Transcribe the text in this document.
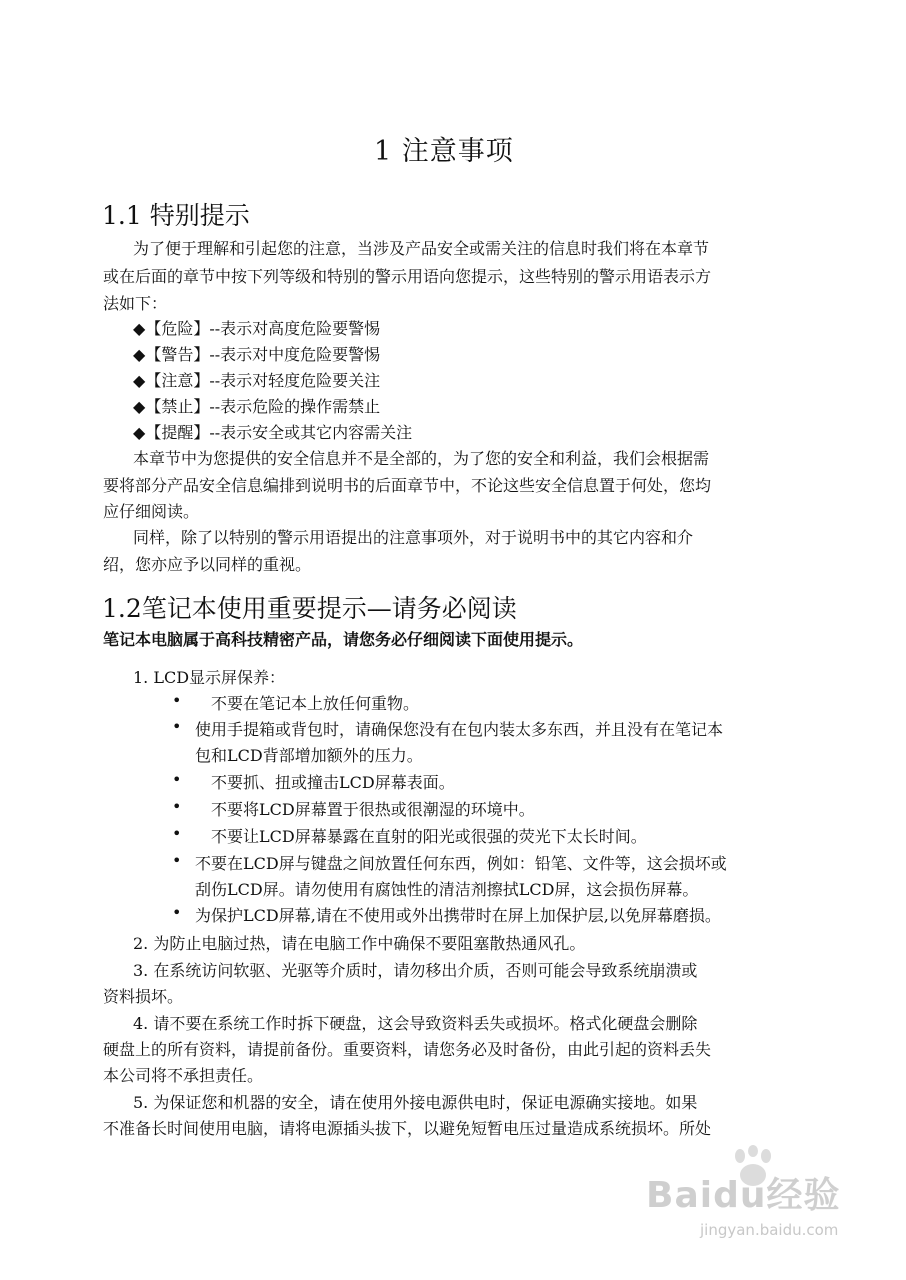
1 注意事项
1.1 特别提示
为了便于理解和引起您的注意，当涉及产品安全或需关注的信息时我们将在本章节
或在后面的章节中按下列等级和特别的警示用语向您提示，这些特别的警示用语表示方
法如下：
◆【危险】--表示对高度危险要警惕
◆【警告】--表示对中度危险要警惕
◆【注意】--表示对轻度危险要关注
◆【禁止】--表示危险的操作需禁止
◆【提醒】--表示安全或其它内容需关注
本章节中为您提供的安全信息并不是全部的，为了您的安全和利益，我们会根据需
要将部分产品安全信息编排到说明书的后面章节中，不论这些安全信息置于何处，您均
应仔细阅读。
同样，除了以特别的警示用语提出的注意事项外，对于说明书中的其它内容和介
绍，您亦应予以同样的重视。
1.2笔记本使用重要提示—请务必阅读
笔记本电脑属于高科技精密产品，请您务必仔细阅读下面使用提示。
1. LCD显示屏保养：
• 不要在笔记本上放任何重物。
• 使用手提箱或背包时，请确保您没有在包内装太多东西，并且没有在笔记本
包和LCD背部增加额外的压力。
• 不要抓、扭或撞击LCD屏幕表面。
• 不要将LCD屏幕置于很热或很潮湿的环境中。
• 不要让LCD屏幕暴露在直射的阳光或很强的荧光下太长时间。
• 不要在LCD屏与键盘之间放置任何东西，例如：铅笔、文件等，这会损坏或
刮伤LCD屏。请勿使用有腐蚀性的清洁剂擦拭LCD屏，这会损伤屏幕。
• 为保护LCD屏幕,请在不使用或外出携带时在屏上加保护层,以免屏幕磨损。
2. 为防止电脑过热，请在电脑工作中确保不要阻塞散热通风孔。
3. 在系统访问软驱、光驱等介质时，请勿移出介质，否则可能会导致系统崩溃或
资料损坏。
4. 请不要在系统工作时拆下硬盘，这会导致资料丢失或损坏。格式化硬盘会删除
硬盘上的所有资料，请提前备份。重要资料，请您务必及时备份，由此引起的资料丢失
本公司将不承担责任。
5. 为保证您和机器的安全，请在使用外接电源供电时，保证电源确实接地。如果
不准备长时间使用电脑，请将电源插头拔下，以避免短暂电压过量造成系统损坏。所处
Baidu经验
jingyan.baidu.com
